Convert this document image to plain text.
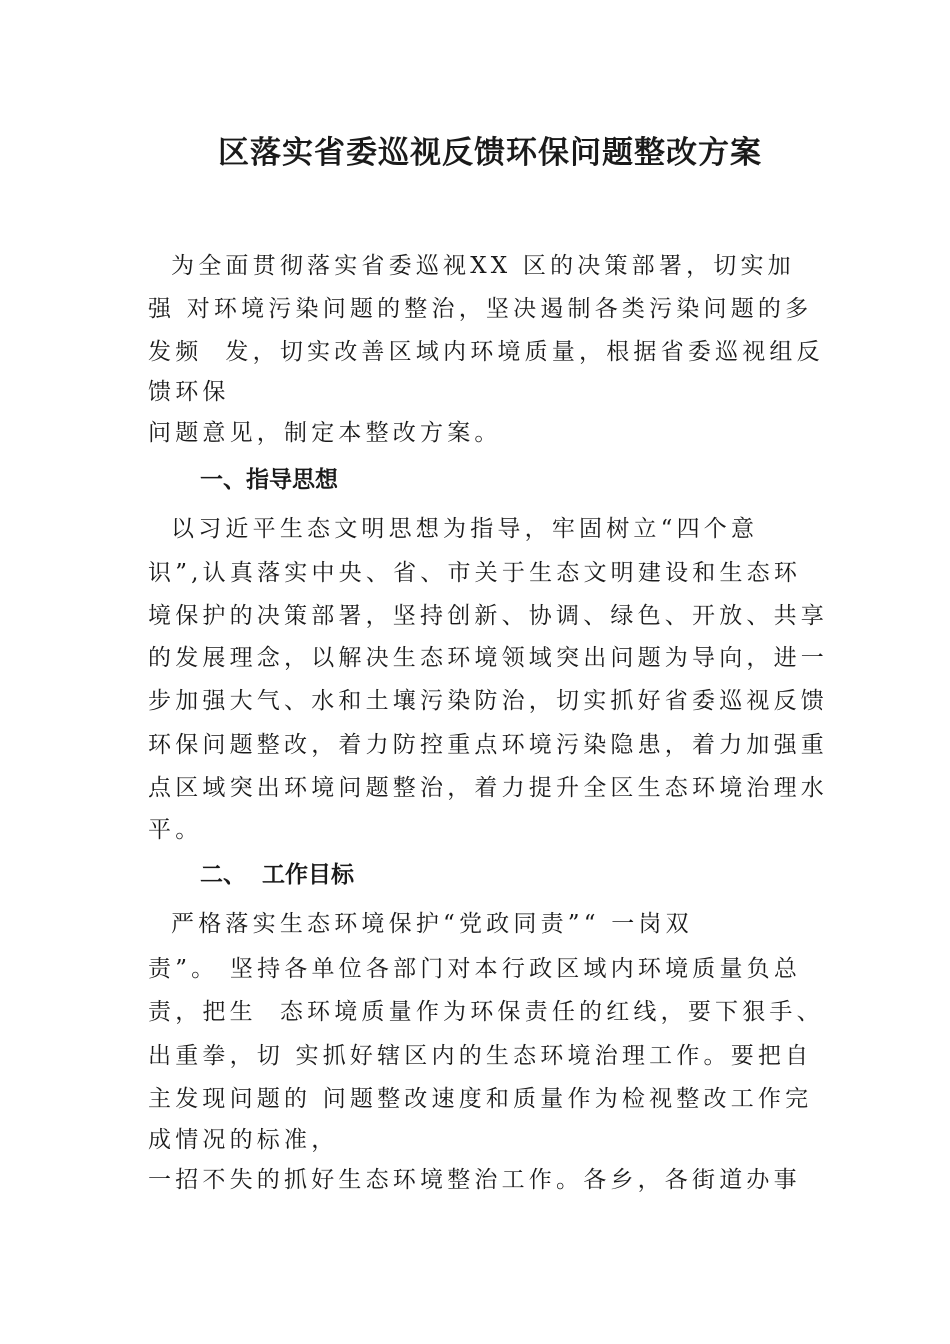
区落实省委巡视反馈环保问题整改方案

为全面贯彻落实省委巡视XX 区的决策部署，切实加

强 对环境污染问题的整治，坚决遏制各类污染问题的多

发频  发，切实改善区域内环境质量，根据省委巡视组反

馈环保

问题意见，制定本整改方案。

一、指导思想

以习近平生态文明思想为指导，牢固树立“四个意

识”,认真落实中央、省、市关于生态文明建设和生态环

境保护的决策部署，坚持创新、协调、绿色、开放、共享

的发展理念，以解决生态环境领域突出问题为导向，进一

步加强大气、水和土壤污染防治，切实抓好省委巡视反馈

环保问题整改，着力防控重点环境污染隐患，着力加强重

点区域突出环境问题整治，着力提升全区生态环境治理水

平。

二、  工作目标

严格落实生态环境保护“党政同责”“ 一岗双

责”。 坚持各单位各部门对本行政区域内环境质量负总

责，把生  态环境质量作为环保责任的红线，要下狠手、

出重拳，切 实抓好辖区内的生态环境治理工作。要把自

主发现问题的 问题整改速度和质量作为检视整改工作完

成情况的标准，

一招不失的抓好生态环境整治工作。各乡，各街道办事
